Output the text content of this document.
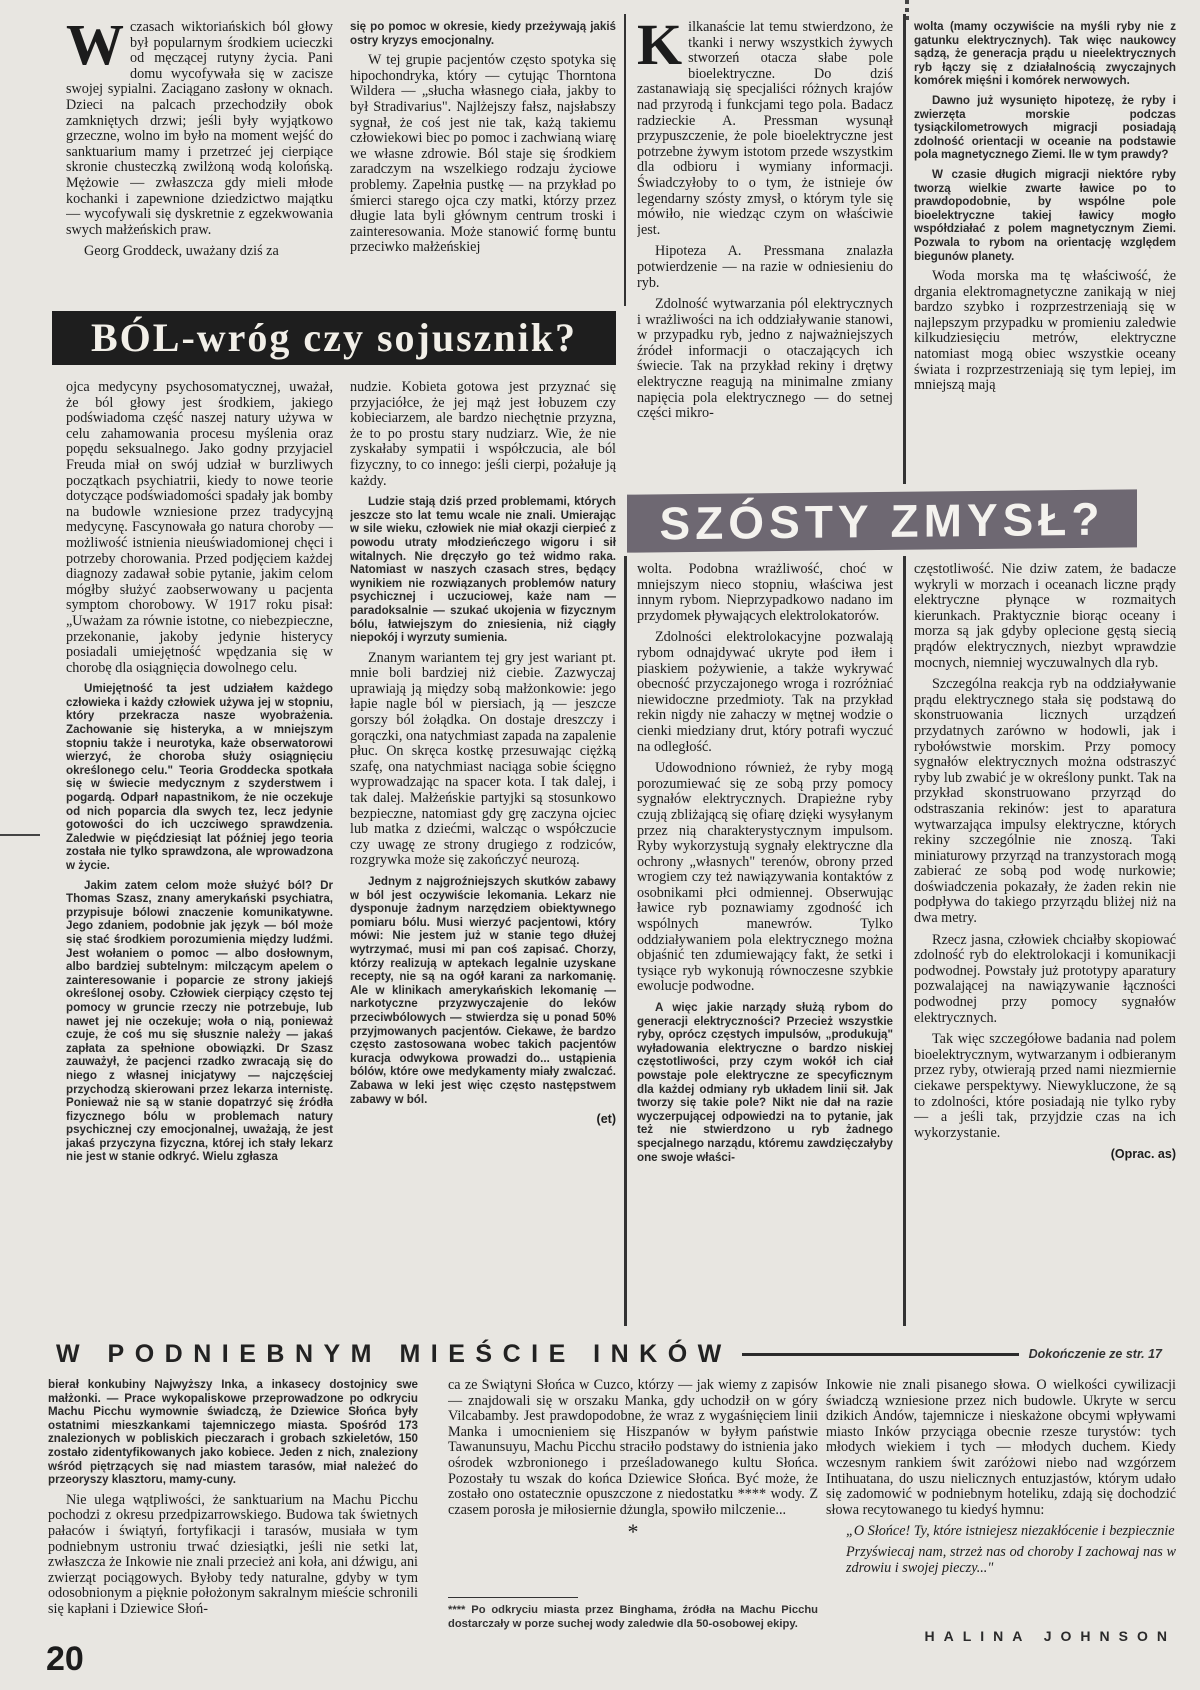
W czasach wiktoriańskich ból głowy był popularnym środkiem ucieczki od męczącej rutyny życia. Pani domu wycofywała się w zacisze swojej sypialni. Zaciągano zasłony w oknach. Dzieci na palcach przechodziły obok zamkniętych drzwi; jeśli były wyjątkowo grzeczne, wolno im było na moment wejść do sanktuarium mamy i przetrzeć jej cierpiące skronie chusteczką zwilżoną wodą kolońską. Mężowie — zwłaszcza gdy mieli młode kochanki i zapewnione dziedzictwo majątku — wycofywali się dyskretnie z egzekwowania swych małżeńskich praw.

Georg Groddeck, uważany dziś za

się po pomoc w okresie, kiedy przeżywają jakiś ostry kryzys emocjonalny.

W tej grupie pacjentów często spotyka się hipochondryka, który — cytując Thorntona Wildera — „słucha własnego ciała, jakby to był Stradivarius". Najlżejszy fałsz, najsłabszy sygnał, że coś jest nie tak, każą takiemu człowiekowi biec po pomoc i zachwianą wiarę we własne zdrowie. Ból staje się środkiem zaradczym na wszelkiego rodzaju życiowe problemy. Zapełnia pustkę — na przykład po śmierci starego ojca czy matki, którzy przez długie lata byli głównym centrum troski i zainteresowania. Może stanowić formę buntu przeciwko małżeńskiej

BÓL-wróg czy sojusznik?

ojca medycyny psychosomatycznej, uważał, że ból głowy jest środkiem, jakiego podświadoma część naszej natury używa w celu zahamowania procesu myślenia oraz popędu seksualnego. Jako godny przyjaciel Freuda miał on swój udział w burzliwych początkach psychiatrii, kiedy to nowe teorie dotyczące podświadomości spadały jak bomby na budowle wzniesione przez tradycyjną medycynę. Fascynowała go natura choroby — możliwość istnienia nieuświadomionej chęci i potrzeby chorowania. Przed podjęciem każdej diagnozy zadawał sobie pytanie, jakim celom mógłby służyć zaobserwowany u pacjenta symptom chorobowy. W 1917 roku pisał: „Uważam za równie istotne, co niebezpieczne, przekonanie, jakoby jedynie histerycy posiadali umiejętność wpędzania się w chorobę dla osiągnięcia dowolnego celu.

Umiejętność ta jest udziałem każdego człowieka i każdy człowiek używa jej w stopniu, który przekracza nasze wyobrażenia. Zachowanie się histeryka, a w mniejszym stopniu także i neurotyka, każe obserwatorowi wierzyć, że choroba służy osiągnięciu określonego celu." Teoria Groddecka spotkała się w świecie medycznym z szyderstwem i pogardą. Odparł napastnikom, że nie oczekuje od nich poparcia dla swych tez, lecz jedynie gotowości do ich uczciwego sprawdzenia. Zaledwie w pięćdziesiąt lat później jego teoria została nie tylko sprawdzona, ale wprowadzona w życie.

Jakim zatem celom może służyć ból? Dr Thomas Szasz, znany amerykański psychiatra, przypisuje bólowi znaczenie komunikatywne. Jego zdaniem, podobnie jak język — ból może się stać środkiem porozumienia między ludźmi. Jest wołaniem o pomoc — albo dosłownym, albo bardziej subtelnym: milczącym apelem o zainteresowanie i poparcie ze strony jakiejś określonej osoby. Człowiek cierpiący często tej pomocy w gruncie rzeczy nie potrzebuje, lub nawet jej nie oczekuje; woła o nią, ponieważ czuje, że coś mu się słusznie należy — jakaś zapłata za spełnione obowiązki. Dr Szasz zauważył, że pacjenci rzadko zwracają się do niego z własnej inicjatywy — najczęściej przychodzą skierowani przez lekarza internistę. Ponieważ nie są w stanie dopatrzyć się źródła fizycznego bólu w problemach natury psychicznej czy emocjonalnej, uważają, że jest jakaś przyczyna fizyczna, której ich stały lekarz nie jest w stanie odkryć. Wielu zgłasza

nudzie. Kobieta gotowa jest przyznać się przyjaciółce, że jej mąż jest łobuzem czy kobieciarzem, ale bardzo niechętnie przyzna, że to po prostu stary nudziarz. Wie, że nie zyskałaby sympatii i współczucia, ale ból fizyczny, to co innego: jeśli cierpi, pożałuje ją każdy.

Ludzie stają dziś przed problemami, których jeszcze sto lat temu wcale nie znali. Umierając w sile wieku, człowiek nie miał okazji cierpieć z powodu utraty młodzieńczego wigoru i sił witalnych. Nie dręczyło go też widmo raka. Natomiast w naszych czasach stres, będący wynikiem nie rozwiązanych problemów natury psychicznej i uczuciowej, każe nam — paradoksalnie — szukać ukojenia w fizycznym bólu, łatwiejszym do zniesienia, niż ciągły niepokój i wyrzuty sumienia.

Znanym wariantem tej gry jest wariant pt. mnie boli bardziej niż ciebie. Zazwyczaj uprawiają ją między sobą małżonkowie: jego łapie nagle ból w piersiach, ją — jeszcze gorszy ból żołądka. On dostaje dreszczy i gorączki, ona natychmiast zapada na zapalenie płuc. On skręca kostkę przesuwając ciężką szafę, ona natychmiast naciąga sobie ścięgno wyprowadzając na spacer kota. I tak dalej, i tak dalej. Małżeńskie partyjki są stosunkowo bezpieczne, natomiast gdy grę zaczyna ojciec lub matka z dziećmi, walcząc o współczucie czy uwagę ze strony drugiego z rodziców, rozgrywka może się zakończyć neurozą.

Jednym z najgroźniejszych skutków zabawy w ból jest oczywiście lekomania. Lekarz nie dysponuje żadnym narzędziem obiektywnego pomiaru bólu. Musi wierzyć pacjentowi, który mówi: Nie jestem już w stanie tego dłużej wytrzymać, musi mi pan coś zapisać. Chorzy, którzy realizują w aptekach legalnie uzyskane recepty, nie są na ogół karani za narkomanię. Ale w klinikach amerykańskich lekomanię — narkotyczne przyzwyczajenie do leków przeciwbólowych — stwierdza się u ponad 50% przyjmowanych pacjentów. Ciekawe, że bardzo często zastosowana wobec takich pacjentów kuracja odwykowa prowadzi do... ustąpienia bólów, które owe medykamenty miały zwalczać. Zabawa w leki jest więc często następstwem zabawy w ból.

(et)

K ilkanaście lat temu stwierdzono, że tkanki i nerwy wszystkich żywych stworzeń otacza słabe pole bioelektryczne. Do dziś zastanawiają się specjaliści różnych krajów nad przyrodą i funkcjami tego pola. Badacz radzieckie A. Pressman wysunął przypuszczenie, że pole bioelektryczne jest potrzebne żywym istotom przede wszystkim dla odbioru i wymiany informacji. Świadczyłoby to o tym, że istnieje ów legendarny szósty zmysł, o którym tyle się mówiło, nie wiedząc czym on właściwie jest.

Hipoteza A. Pressmana znalazła potwierdzenie — na razie w odniesieniu do ryb.

Zdolność wytwarzania pól elektrycznych i wrażliwości na ich oddziaływanie stanowi, w przypadku ryb, jedno z najważniejszych źródeł informacji o otaczających ich świecie. Tak na przykład rekiny i drętwy elektryczne reagują na minimalne zmiany napięcia pola elektrycznego — do setnej części mikro-

wolta (mamy oczywiście na myśli ryby nie z gatunku elektrycznych). Tak więc naukowcy sądzą, że generacja prądu u nieelektrycznych ryb łączy się z działalnością zwyczajnych komórek mięśni i komórek nerwowych.

Dawno już wysunięto hipotezę, że ryby i zwierzęta morskie podczas tysiąckilometrowych migracji posiadają zdolność orientacji w oceanie na podstawie pola magnetycznego Ziemi. Ile w tym prawdy?

W czasie długich migracji niektóre ryby tworzą wielkie zwarte ławice po to prawdopodobnie, by wspólne pole bioelektryczne takiej ławicy mogło współdziałać z polem magnetycznym Ziemi. Pozwala to rybom na orientację względem biegunów planety.

Woda morska ma tę właściwość, że drgania elektromagnetyczne zanikają w niej bardzo szybko i rozprzestrzeniają się w najlepszym przypadku w promieniu zaledwie kilkudziesięciu metrów, elektryczne natomiast mogą obiec wszystkie oceany świata i rozprzestrzeniają się tym lepiej, im mniejszą mają

SZÓSTY ZMYSŁ?

wolta. Podobna wrażliwość, choć w mniejszym nieco stopniu, właściwa jest innym rybom. Nieprzypadkowo nadano im przydomek pływających elektrolokatorów.

Zdolności elektrolokacyjne pozwalają rybom odnajdywać ukryte pod iłem i piaskiem pożywienie, a także wykrywać obecność przyczajonego wroga i rozróżniać niewidoczne przedmioty. Tak na przykład rekin nigdy nie zahaczy w mętnej wodzie o cienki miedziany drut, który potrafi wyczuć na odległość.

Udowodniono również, że ryby mogą porozumiewać się ze sobą przy pomocy sygnałów elektrycznych. Drapieżne ryby czują zbliżającą się ofiarę dzięki wysyłanym przez nią charakterystycznym impulsom. Ryby wykorzystują sygnały elektryczne dla ochrony „własnych" terenów, obrony przed wrogiem czy też nawiązywania kontaktów z osobnikami płci odmiennej. Obserwując ławice ryb poznawiamy zgodność ich wspólnych manewrów. Tylko oddziaływaniem pola elektrycznego można objaśnić ten zdumiewający fakt, że setki i tysiące ryb wykonują równoczesne szybkie ewolucje podwodne.

A więc jakie narządy służą rybom do generacji elektryczności? Przecież wszystkie ryby, oprócz częstych impulsów, „produkują" wyładowania elektryczne o bardzo niskiej częstotliwości, przy czym wokół ich ciał powstaje pole elektryczne ze specyficznym dla każdej odmiany ryb układem linii sił. Jak tworzy się takie pole? Nikt nie dał na razie wyczerpującej odpowiedzi na to pytanie, jak też nie stwierdzono u ryb żadnego specjalnego narządu, któremu zawdzięczałyby one swoje właści-

częstotliwość. Nie dziw zatem, że badacze wykryli w morzach i oceanach liczne prądy elektryczne płynące w rozmaitych kierunkach. Praktycznie biorąc oceany i morza są jak gdyby oplecione gęstą siecią prądów elektrycznych, niezbyt wprawdzie mocnych, niemniej wyczuwalnych dla ryb.

Szczególna reakcja ryb na oddziaływanie prądu elektrycznego stała się podstawą do skonstruowania licznych urządzeń przydatnych zarówno w hodowli, jak i rybołówstwie morskim. Przy pomocy sygnałów elektrycznych można odstraszyć ryby lub zwabić je w określony punkt. Tak na przykład skonstruowano przyrząd do odstraszania rekinów: jest to aparatura wytwarzająca impulsy elektryczne, których rekiny szczególnie nie znoszą. Taki miniaturowy przyrząd na tranzystorach mogą zabierać ze sobą pod wodę nurkowie; doświadczenia pokazały, że żaden rekin nie podpływa do takiego przyrządu bliżej niż na dwa metry.

Rzecz jasna, człowiek chciałby skopiować zdolność ryb do elektrolokacji i komunikacji podwodnej. Powstały już prototypy aparatury pozwalającej na nawiązywanie łączności podwodnej przy pomocy sygnałów elektrycznych.

Tak więc szczegółowe badania nad polem bioelektrycznym, wytwarzanym i odbieranym przez ryby, otwierają przed nami niezmiernie ciekawe perspektywy. Niewykluczone, że są to zdolności, które posiadają nie tylko ryby — a jeśli tak, przyjdzie czas na ich wykorzystanie.

(Oprac. as)

W PODNIEBNYM MIEŚCIE INKÓW	Dokończenie ze str. 17

bierał konkubiny Najwyższy Inka, a inkasecy dostojnicy swe małżonki. — Prace wykopaliskowe przeprowadzone po odkryciu Machu Picchu wymownie świadczą, że Dziewice Słońca były ostatnimi mieszkankami tajemniczego miasta. Spośród 173 znalezionych w pobliskich pieczarach i grobach szkieletów, 150 zostało zidentyfikowanych jako kobiece. Jeden z nich, znaleziony wśród piętrzących się nad miastem tarasów, miał należeć do przeoryszy klasztoru, mamy-cuny.

Nie ulega wątpliwości, że sanktuarium na Machu Picchu pochodzi z okresu przedpizarrowskiego. Budowa tak świetnych pałaców i świątyń, fortyfikacji i tarasów, musiała w tym podniebnym ustroniu trwać dziesiątki, jeśli nie setki lat, zwłaszcza że Inkowie nie znali przecież ani koła, ani dźwigu, ani zwierząt pociągowych. Byłoby tedy naturalne, gdyby w tym odosobnionym a pięknie położonym sakralnym mieście schronili się kapłani i Dziewice Słoń-

ca ze Świątyni Słońca w Cuzco, którzy — jak wiemy z zapisów — znajdowali się w orszaku Manka, gdy uchodził on w góry Vilcabamby. Jest prawdopodobne, że wraz z wygaśnięciem linii Manka i umocnieniem się Hiszpanów w byłym państwie Tawanunsuyu, Machu Picchu straciło podstawy do istnienia jako ośrodek wzbronionego i prześladowanego kultu Słońca. Pozostały tu wszak do końca Dziewice Słońca. Być może, że zostało ono ostatecznie opuszczone z niedostatku **** wody. Z czasem porosła je miłosiernie dżungla, spowiło milczenie...

*
**** Po odkryciu miasta przez Binghama, źródła na Machu Picchu dostarczały w porze suchej wody zaledwie dla 50-osobowej ekipy.

Inkowie nie znali pisanego słowa. O wielkości cywilizacji świadczą wzniesione przez nich budowle. Ukryte w sercu dzikich Andów, tajemnicze i nieskażone obcymi wpływami miasto Inków przyciąga obecnie rzesze turystów: tych młodych wiekiem i tych — młodych duchem. Kiedy wczesnym rankiem świt zaróżowi niebo nad wzgórzem Intihuatana, do uszu nielicznych entuzjastów, którym udało się zadomowić w podniebnym hoteliku, zdają się dochodzić słowa recytowanego tu kiedyś hymnu:

„O Słońce! Ty, które istniejesz niezakłócenie i bezpiecznie

Przyświecaj nam, strzeż nas od choroby I zachowaj nas w zdrowiu i swojej pieczy..."

HALINA JOHNSON
20
